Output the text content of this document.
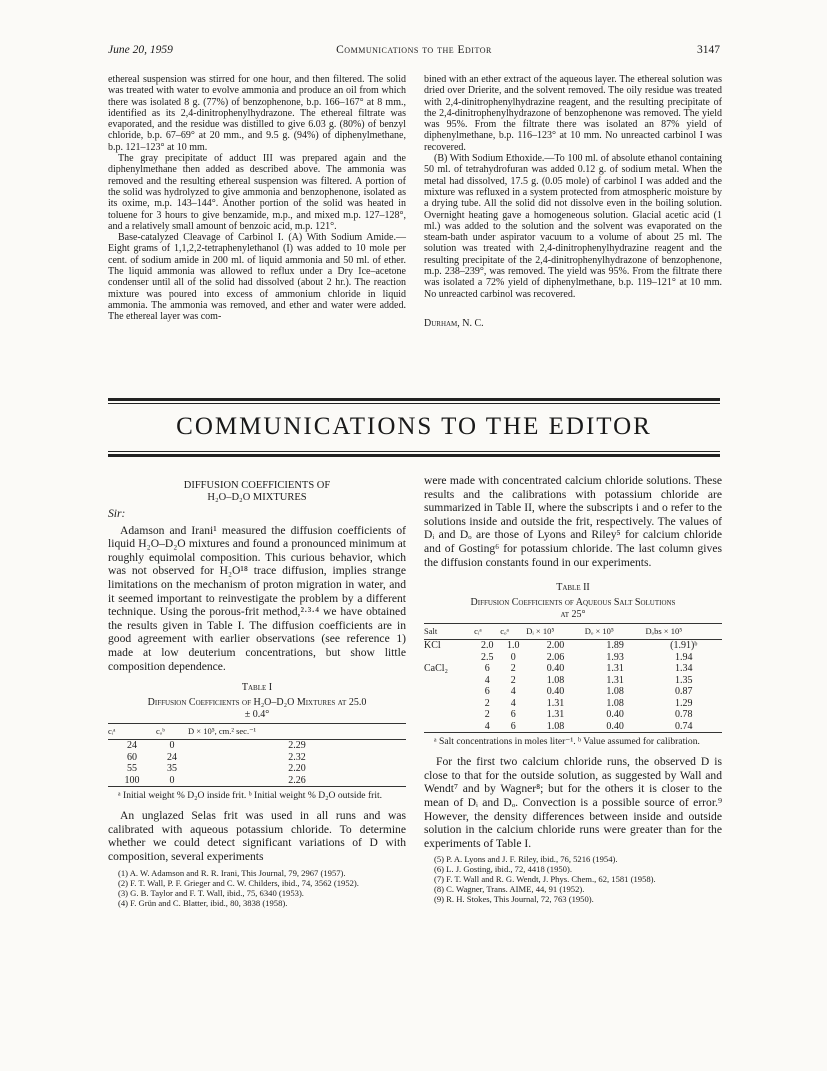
June 20, 1959	Communications to the Editor	3147

ethereal suspension was stirred for one hour, and then filtered. The solid was treated with water to evolve ammonia and produce an oil from which there was isolated 8 g. (77%) of benzophenone, b.p. 166–167° at 8 mm., identified as its 2,4-dinitrophenylhydrazone. The ethereal filtrate was evaporated, and the residue was distilled to give 6.03 g. (80%) of benzyl chloride, b.p. 67–69° at 20 mm., and 9.5 g. (94%) of diphenylmethane, b.p. 121–123° at 10 mm.

The gray precipitate of adduct III was prepared again and the diphenylmethane then added as described above. The ammonia was removed and the resulting ethereal suspension was filtered. A portion of the solid was hydrolyzed to give ammonia and benzophenone, isolated as its oxime, m.p. 143–144°. Another portion of the solid was heated in toluene for 3 hours to give benzamide, m.p., and mixed m.p. 127–128°, and a relatively small amount of benzoic acid, m.p. 121°.

Base-catalyzed Cleavage of Carbinol I. (A) With Sodium Amide.—Eight grams of 1,1,2,2-tetraphenylethanol (I) was added to 10 mole per cent. of sodium amide in 200 ml. of liquid ammonia and 50 ml. of ether. The liquid ammonia was allowed to reflux under a Dry Ice–acetone condenser until all of the solid had dissolved (about 2 hr.). The reaction mixture was poured into excess of ammonium chloride in liquid ammonia. The ammonia was removed, and ether and water were added. The ethereal layer was com-

bined with an ether extract of the aqueous layer. The ethereal solution was dried over Drierite, and the solvent removed. The oily residue was treated with 2,4-dinitrophenylhydrazine reagent, and the resulting precipitate of the 2,4-dinitrophenylhydrazone of benzophenone was removed. The yield was 95%. From the filtrate there was isolated an 87% yield of diphenylmethane, b.p. 116–123° at 10 mm. No unreacted carbinol I was recovered.

(B) With Sodium Ethoxide.—To 100 ml. of absolute ethanol containing 50 ml. of tetrahydrofuran was added 0.12 g. of sodium metal. When the metal had dissolved, 17.5 g. (0.05 mole) of carbinol I was added and the mixture was refluxed in a system protected from atmospheric moisture by a drying tube. All the solid did not dissolve even in the boiling solution. Overnight heating gave a homogeneous solution. Glacial acetic acid (1 ml.) was added to the solution and the solvent was evaporated on the steam-bath under aspirator vacuum to a volume of about 25 ml. The solution was treated with 2,4-dinitrophenylhydrazine reagent and the resulting precipitate of the 2,4-dinitrophenylhydrazone of benzophenone, m.p. 238–239°, was removed. The yield was 95%. From the filtrate there was isolated a 72% yield of diphenylmethane, b.p. 119–121° at 10 mm. No unreacted carbinol was recovered.

Durham, N. C.

COMMUNICATIONS TO THE EDITOR
DIFFUSION COEFFICIENTS OF
H₂O–D₂O MIXTURES
Sir:

Adamson and Irani¹ measured the diffusion coefficients of liquid H₂O–D₂O mixtures and found a pronounced minimum at roughly equimolal composition. This curious behavior, which was not observed for H₂O¹⁸ trace diffusion, implies strange limitations on the mechanism of proton migration in water, and it seemed important to reinvestigate the problem by a different technique. Using the porous-frit method,²·³·⁴ we have obtained the results given in Table I. The diffusion coefficients are in good agreement with earlier observations (see reference 1) made at low deuterium concentrations, but show little composition dependence.

Table I
Diffusion Coefficients of H₂O–D₂O Mixtures at 25.0
± 0.4°
cᵢᵃ	cₒᵇ	D × 10⁵, cm.² sec.⁻¹
24	0	2.29
60	24	2.32
55	35	2.20
100	0	2.26
ᵃ Initial weight % D₂O inside frit. ᵇ Initial weight % D₂O outside frit.

An unglazed Selas frit was used in all runs and was calibrated with aqueous potassium chloride. To determine whether we could detect significant variations of D with composition, several experiments

(1) A. W. Adamson and R. R. Irani, This Journal, 79, 2967 (1957).
(2) F. T. Wall, P. F. Grieger and C. W. Childers, ibid., 74, 3562 (1952).
(3) G. B. Taylor and F. T. Wall, ibid., 75, 6340 (1953).
(4) F. Grün and C. Blatter, ibid., 80, 3838 (1958).

were made with concentrated calcium chloride solutions. These results and the calibrations with potassium chloride are summarized in Table II, where the subscripts i and o refer to the solutions inside and outside the frit, respectively. The values of Dᵢ and Dₒ are those of Lyons and Riley⁵ for calcium chloride and of Gosting⁶ for potassium chloride. The last column gives the diffusion constants found in our experiments.

Table II
Diffusion Coefficients of Aqueous Salt Solutions
at 25°
Salt	cᵢᵃ	cₒᵃ	Dᵢ × 10⁵	Dₒ × 10⁵	Dₒbs × 10⁵
KCl	2.0	1.0	2.00	1.89	(1.91)ᵇ
	2.5	0	2.06	1.93	1.94
CaCl₂	6	2	0.40	1.31	1.34
	4	2	1.08	1.31	1.35
	6	4	0.40	1.08	0.87
	2	4	1.31	1.08	1.29
	2	6	1.31	0.40	0.78
	4	6	1.08	0.40	0.74
ᵃ Salt concentrations in moles liter⁻¹. ᵇ Value assumed for calibration.

For the first two calcium chloride runs, the observed D is close to that for the outside solution, as suggested by Wall and Wendt⁷ and by Wagner⁸; but for the others it is closer to the mean of Dᵢ and Dₒ. Convection is a possible source of error.⁹ However, the density differences between inside and outside solution in the calcium chloride runs were greater than for the experiments of Table I.

(5) P. A. Lyons and J. F. Riley, ibid., 76, 5216 (1954).
(6) L. J. Gosting, ibid., 72, 4418 (1950).
(7) F. T. Wall and R. G. Wendt, J. Phys. Chem., 62, 1581 (1958).
(8) C. Wagner, Trans. AIME, 44, 91 (1952).
(9) R. H. Stokes, This Journal, 72, 763 (1950).
